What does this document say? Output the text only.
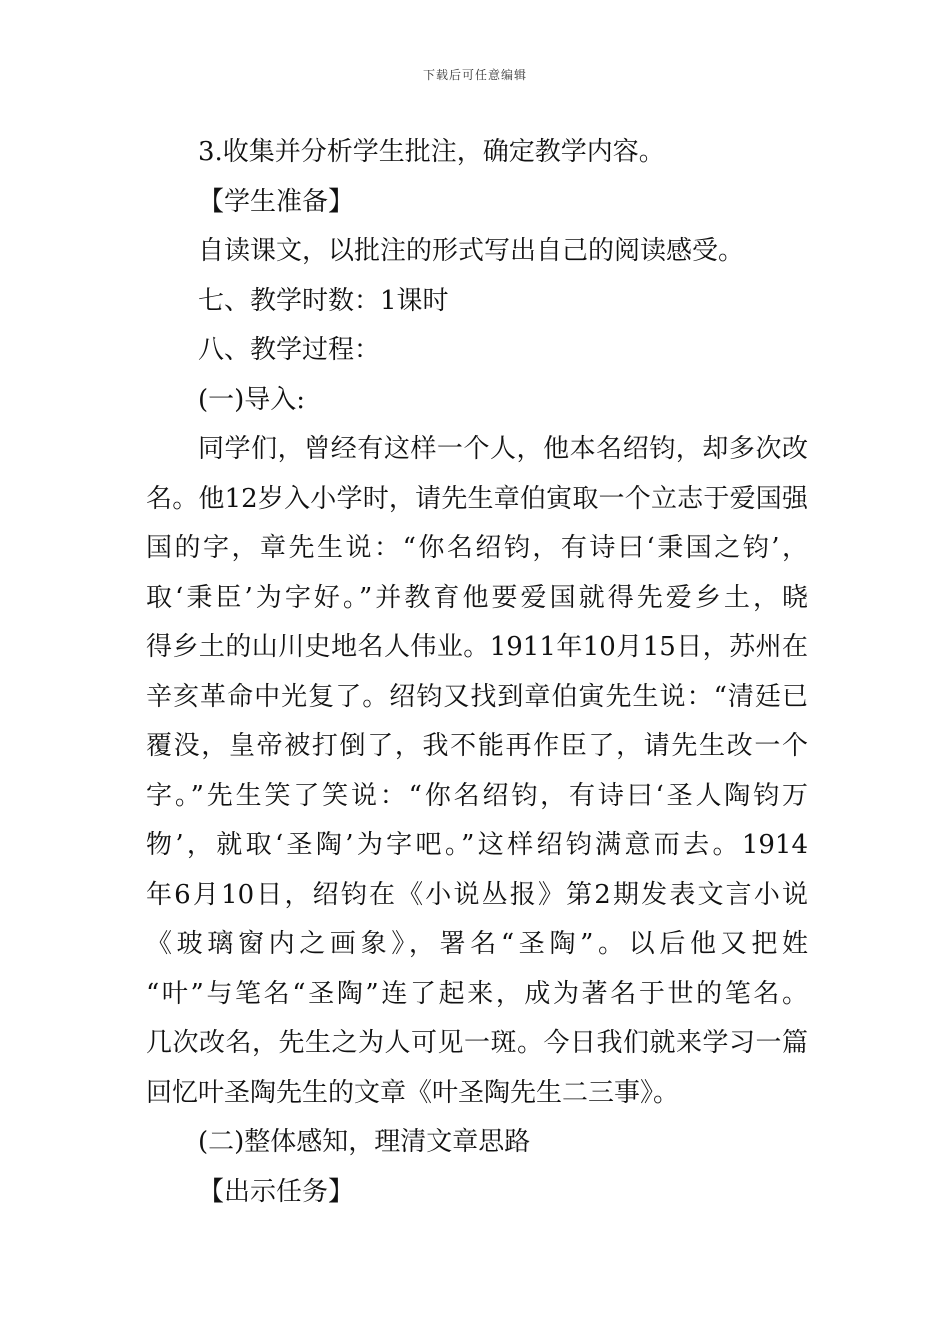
下载后可任意编辑
3.收集并分析学生批注，确定教学内容。
【学生准备】
自读课文，以批注的形式写出自己的阅读感受。
七、教学时数：1课时
八、教学过程：
(一)导入:
同学们，曾经有这样一个人，他本名绍钧，却多次改
名。他12岁入小学时，请先生章伯寅取一个立志于爱国强
国的字，章先生说：“你名绍钧，有诗曰‘秉国之钧’，
取‘秉臣’为字好。”并教育他要爱国就得先爱乡土，晓
得乡土的山川史地名人伟业。1911年10月15日，苏州在
辛亥革命中光复了。绍钧又找到章伯寅先生说：“清廷已
覆没，皇帝被打倒了，我不能再作臣了，请先生改一个
字。”先生笑了笑说：“你名绍钧，有诗曰‘圣人陶钧万
物’，就取‘圣陶’为字吧。”这样绍钧满意而去。1914
年6月10日，绍钧在《小说丛报》第2期发表文言小说
《玻璃窗内之画象》，署名“圣陶”。以后他又把姓
“叶”与笔名“圣陶”连了起来，成为著名于世的笔名。
几次改名，先生之为人可见一斑。今日我们就来学习一篇
回忆叶圣陶先生的文章《叶圣陶先生二三事》。
(二)整体感知，理清文章思路
【出示任务】
